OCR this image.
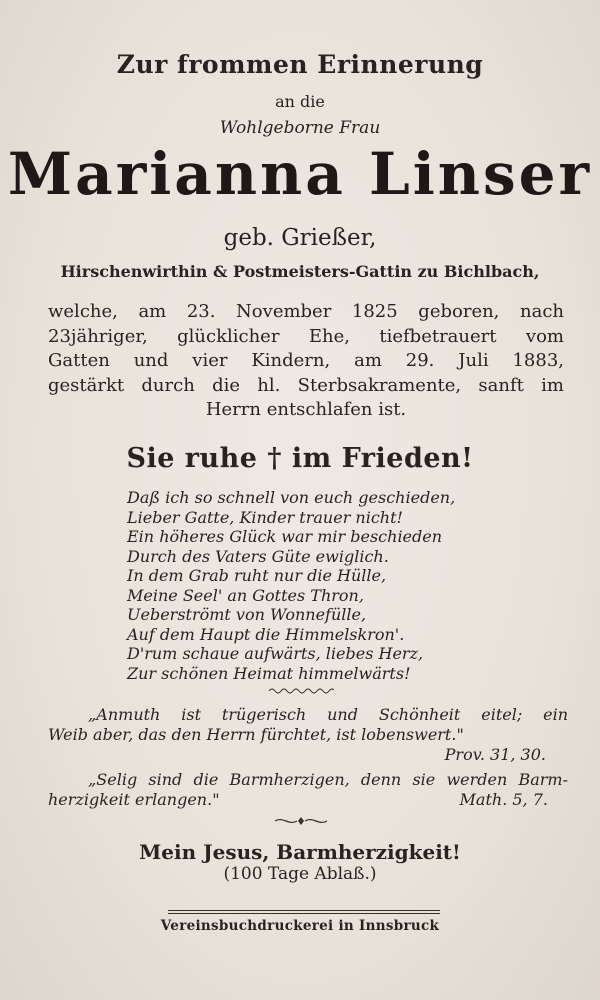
Zur frommen Erinnerung
an die
Wohlgeborne Frau
Marianna Linser
geb. Grießer,
Hirschenwirthin & Postmeisters-Gattin zu Bichlbach,
welche, am 23. November 1825 geboren, nach
23jähriger, glücklicher Ehe, tiefbetrauert vom
Gatten und vier Kindern, am 29. Juli 1883,
gestärkt durch die hl. Sterbsakramente, sanft im
Herrn entschlafen ist.
Sie ruhe † im Frieden!
Daß ich so schnell von euch geschieden,
Lieber Gatte, Kinder trauer nicht!
Ein höheres Glück war mir beschieden
Durch des Vaters Güte ewiglich.
In dem Grab ruht nur die Hülle,
Meine Seel' an Gottes Thron,
Ueberströmt von Wonnefülle,
Auf dem Haupt die Himmelskron'.
D'rum schaue aufwärts, liebes Herz,
Zur schönen Heimat himmelwärts!
„Anmuth ist trügerisch und Schönheit eitel; ein
Weib aber, das den Herrn fürchtet, ist lobenswert."
Prov. 31, 30.
„Selig sind die Barmherzigen, denn sie werden Barm-
herzigkeit erlangen."	Math. 5, 7.
Mein Jesus, Barmherzigkeit!
(100 Tage Ablaß.)
Vereinsbuchdruckerei in Innsbruck
